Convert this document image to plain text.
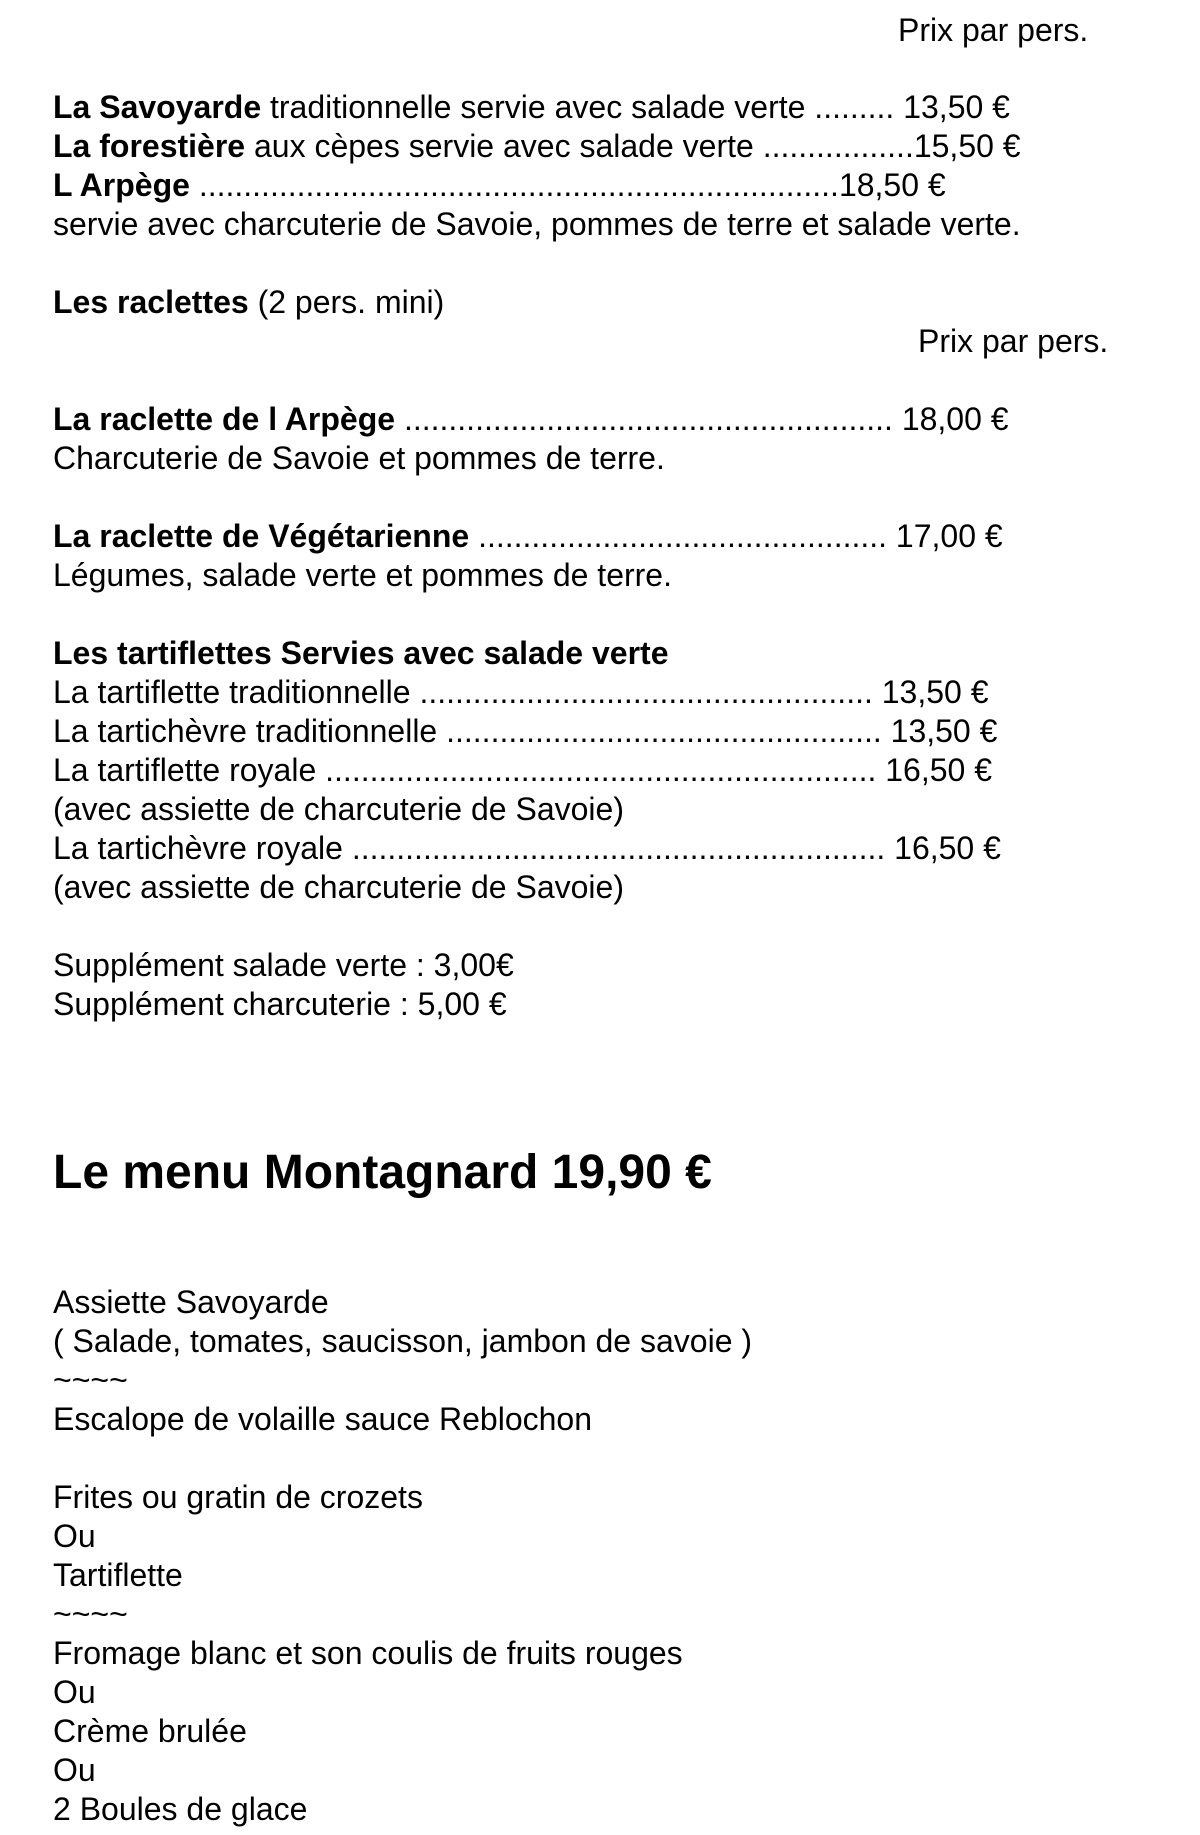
Prix par pers.
La Savoyarde traditionnelle servie avec salade verte ......... 13,50 €
La forestière aux cèpes servie avec salade verte .................15,50 €
L Arpège ........................................................................18,50 €
servie avec charcuterie de Savoie, pommes de terre et salade verte.
Les raclettes (2 pers. mini)
Prix par pers.
La raclette de l Arpège ....................................................... 18,00 €
Charcuterie de Savoie et pommes de terre.
La raclette de Végétarienne .............................................. 17,00 €
Légumes, salade verte et pommes de terre.
Les tartiflettes Servies avec salade verte
La tartiflette traditionnelle ................................................... 13,50 €
La tartichèvre traditionnelle ................................................. 13,50 €
La tartiflette royale .............................................................. 16,50 €
(avec assiette de charcuterie de Savoie)
La tartichèvre royale ............................................................ 16,50 €
(avec assiette de charcuterie de Savoie)
Supplément salade verte : 3,00€
Supplément charcuterie : 5,00 €
Le menu Montagnard 19,90 €
Assiette Savoyarde
( Salade, tomates, saucisson, jambon de savoie )
~~~~
Escalope de volaille sauce Reblochon
Frites ou gratin de crozets
Ou
Tartiflette
~~~~
Fromage blanc et son coulis de fruits rouges
Ou
Crème brulée
Ou
2 Boules de glace
